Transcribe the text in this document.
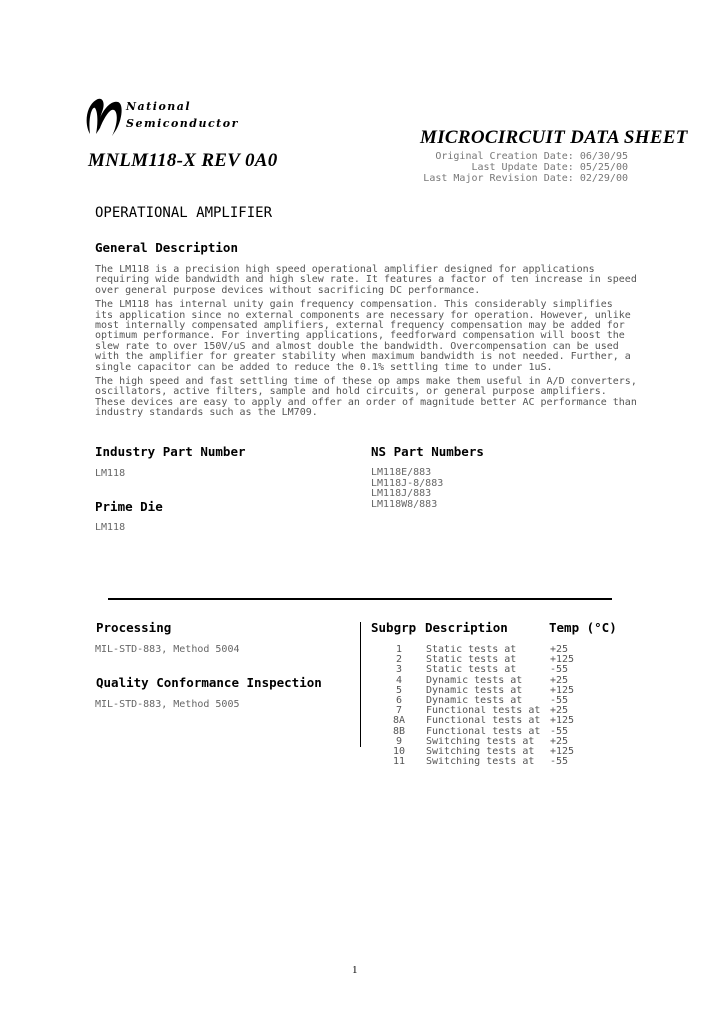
National
Semiconductor
MICROCIRCUIT DATA SHEET
MNLM118-X REV 0A0	Original Creation Date: 06/30/95
Last Update Date: 05/25/00
Last Major Revision Date: 02/29/00
OPERATIONAL AMPLIFIER
General Description

The LM118 is a precision high speed operational amplifier designed for applications
requiring wide bandwidth and high slew rate. It features a factor of ten increase in speed
over general purpose devices without sacrificing DC performance.

The LM118 has internal unity gain frequency compensation. This considerably simplifies
its application since no external components are necessary for operation. However, unlike
most internally compensated amplifiers, external frequency compensation may be added for
optimum performance. For inverting applications, feedforward compensation will boost the
slew rate to over 150V/uS and almost double the bandwidth. Overcompensation can be used
with the amplifier for greater stability when maximum bandwidth is not needed. Further, a
single capacitor can be added to reduce the 0.1% settling time to under 1uS.

The high speed and fast settling time of these op amps make them useful in A/D converters,
oscillators, active filters, sample and hold circuits, or general purpose amplifiers.
These devices are easy to apply and offer an order of magnitude better AC performance than
industry standards such as the LM709.

Industry Part Number
LM118
NS Part Numbers
LM118E/883
LM118J-8/883
LM118J/883
LM118W8/883
Prime Die
LM118
Processing
MIL-STD-883, Method 5004
Quality Conformance Inspection
MIL-STD-883, Method 5005
Subgrp Description	Temp (°C)
1	Static tests at	+25
2	Static tests at	+125
3	Static tests at	-55
4	Dynamic tests at	+25
5	Dynamic tests at	+125
6	Dynamic tests at	-55
7	Functional tests at +25
8A	Functional tests at +125
8B	Functional tests at -55
9	Switching tests at	+25
10	Switching tests at	+125
11	Switching tests at	-55
1
